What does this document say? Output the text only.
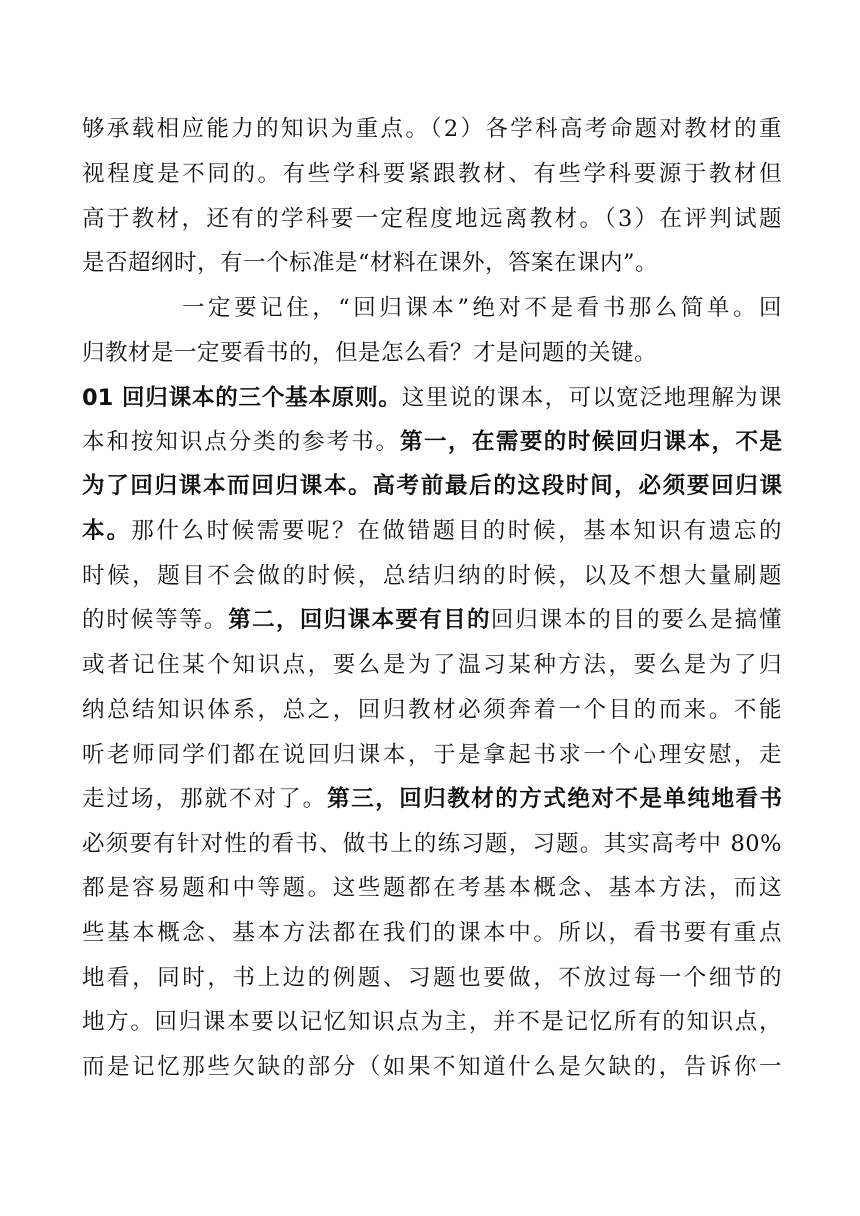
够承载相应能力的知识为重点。（2）各学科高考命题对教材的重
视程度是不同的。有些学科要紧跟教材、有些学科要源于教材但
高于教材，还有的学科要一定程度地远离教材。（3）在评判试题
是否超纲时，有一个标准是“材料在课外，答案在课内”。
一定要记住，“回归课本”绝对不是看书那么简单。回
归教材是一定要看书的，但是怎么看？才是问题的关键。
01 回归课本的三个基本原则。这里说的课本，可以宽泛地理解为课
本和按知识点分类的参考书。第一，在需要的时候回归课本，不是
为了回归课本而回归课本。高考前最后的这段时间，必须要回归课
本。那什么时候需要呢？在做错题目的时候，基本知识有遗忘的
时候，题目不会做的时候，总结归纳的时候，以及不想大量刷题
的时候等等。第二，回归课本要有目的回归课本的目的要么是搞懂
或者记住某个知识点，要么是为了温习某种方法，要么是为了归
纳总结知识体系，总之，回归教材必须奔着一个目的而来。不能
听老师同学们都在说回归课本，于是拿起书求一个心理安慰，走
走过场，那就不对了。第三，回归教材的方式绝对不是单纯地看书
必须要有针对性的看书、做书上的练习题，习题。其实高考中 80%
都是容易题和中等题。这些题都在考基本概念、基本方法，而这
些基本概念、基本方法都在我们的课本中。所以，看书要有重点
地看，同时，书上边的例题、习题也要做，不放过每一个细节的
地方。回归课本要以记忆知识点为主，并不是记忆所有的知识点，
而是记忆那些欠缺的部分（如果不知道什么是欠缺的，告诉你一
